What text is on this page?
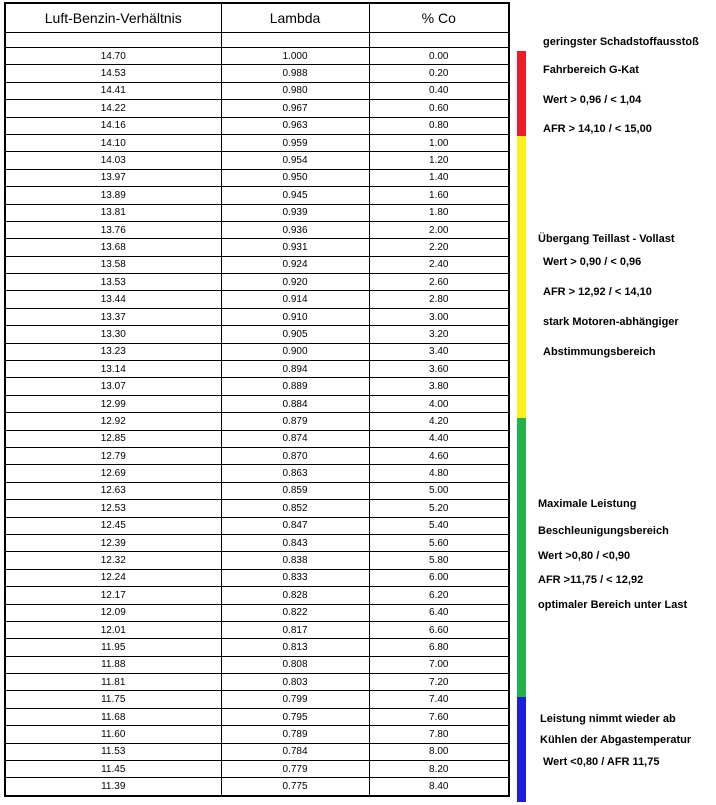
Luft-Benzin-Verhältnis	Lambda	% Co

14.70	1.000	0.00
14.53	0.988	0.20
14.41	0.980	0.40
14.22	0.967	0.60
14.16	0.963	0.80
14.10	0.959	1.00
14.03	0.954	1.20
13.97	0.950	1.40
13.89	0.945	1.60
13.81	0.939	1.80
13.76	0.936	2.00
13.68	0.931	2.20
13.58	0.924	2.40
13.53	0.920	2.60
13.44	0.914	2.80
13.37	0.910	3.00
13.30	0.905	3.20
13.23	0.900	3.40
13.14	0.894	3.60
13.07	0.889	3.80
12.99	0.884	4.00
12.92	0.879	4.20
12.85	0.874	4.40
12.79	0.870	4.60
12.69	0.863	4.80
12.63	0.859	5.00
12.53	0.852	5.20
12.45	0.847	5.40
12.39	0.843	5.60
12.32	0.838	5.80
12.24	0.833	6.00
12.17	0.828	6.20
12.09	0.822	6.40
12.01	0.817	6.60
11.95	0.813	6.80
11.88	0.808	7.00
11.81	0.803	7.20
11.75	0.799	7.40
11.68	0.795	7.60
11.60	0.789	7.80
11.53	0.784	8.00
11.45	0.779	8.20
11.39	0.775	8.40
geringster Schadstoffausstoß
Fahrbereich G-Kat
Wert > 0,96 / < 1,04
AFR > 14,10 / < 15,00
Übergang Teillast - Vollast
Wert > 0,90 / < 0,96
AFR > 12,92 / < 14,10
stark Motoren-abhängiger
Abstimmungsbereich
Maximale Leistung
Beschleunigungsbereich
Wert >0,80 / <0,90
AFR >11,75 / < 12,92
optimaler Bereich unter Last
Leistung nimmt wieder ab
Kühlen der Abgastemperatur
Wert <0,80 / AFR 11,75
